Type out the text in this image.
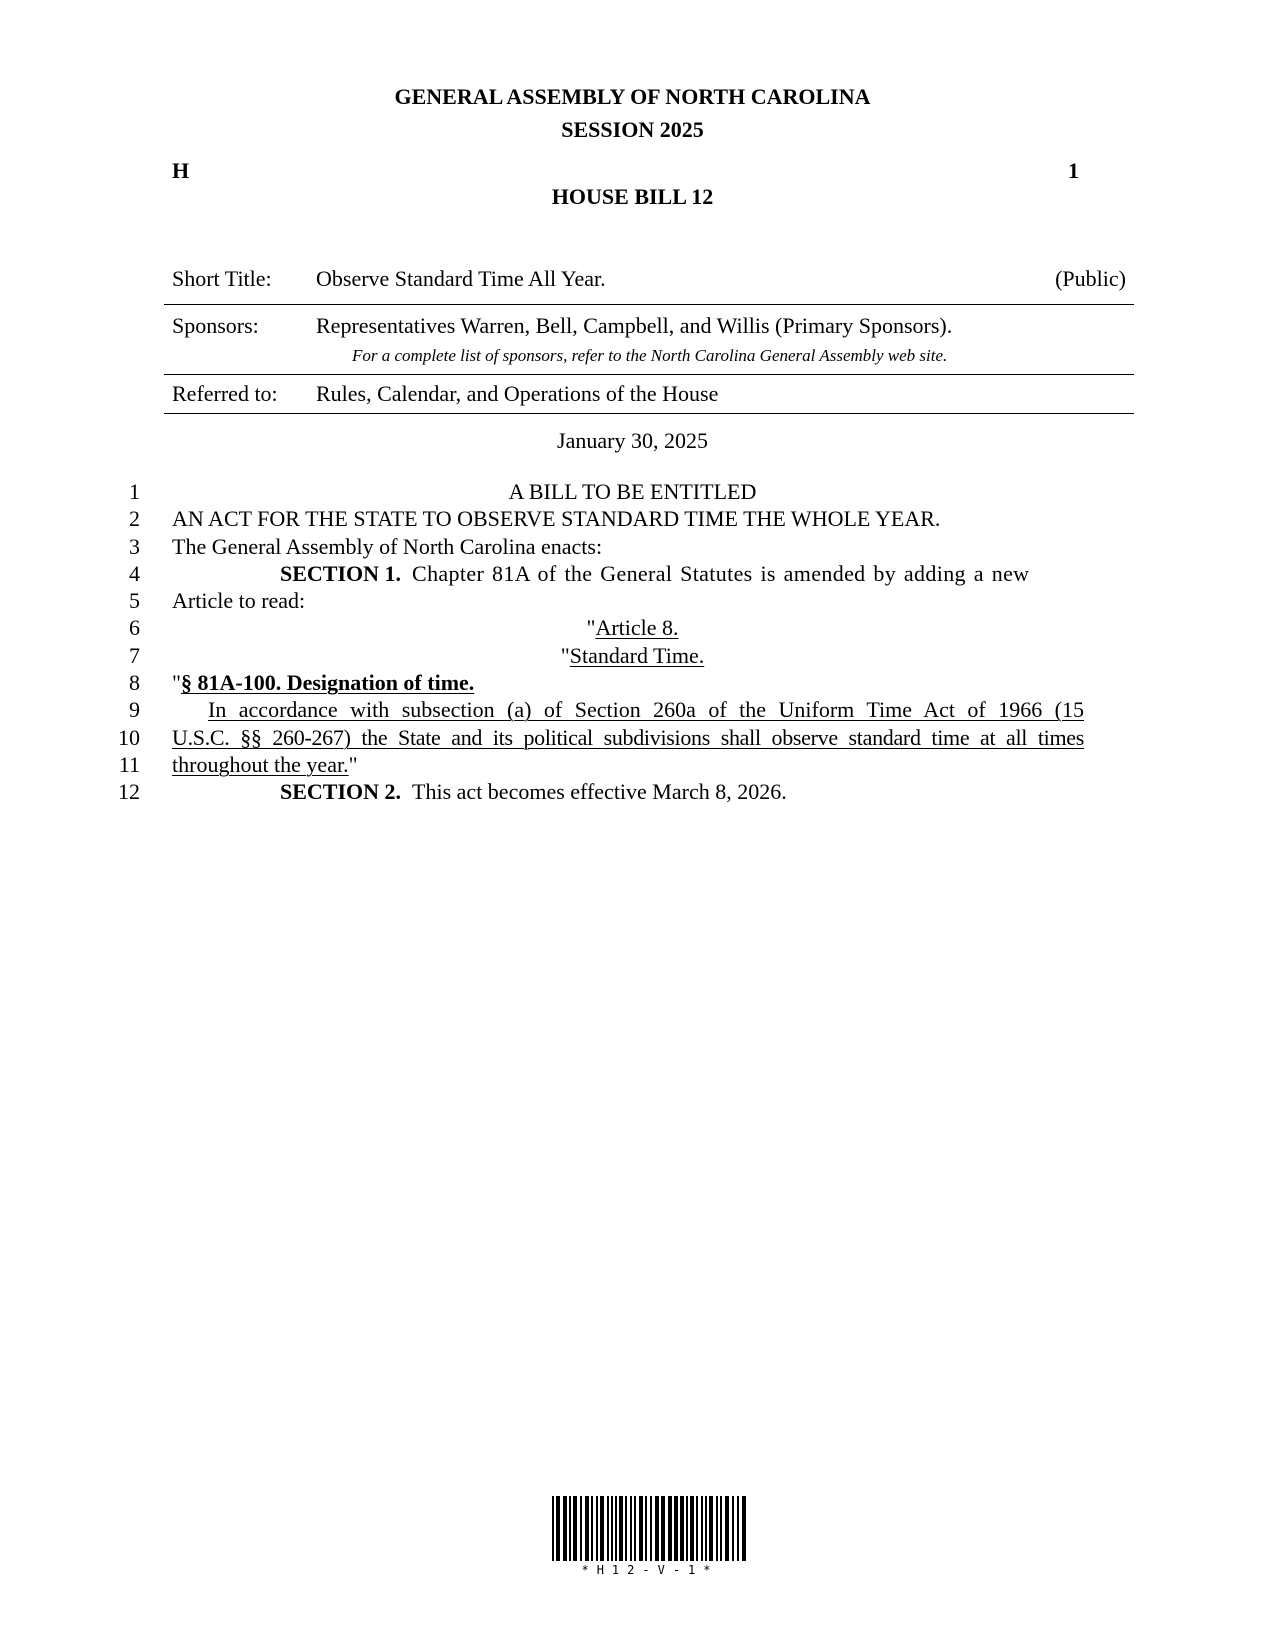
GENERAL ASSEMBLY OF NORTH CAROLINA
SESSION 2025
H	1
HOUSE BILL 12
Short Title: Observe Standard Time All Year.	(Public)
Sponsors:	Representatives Warren, Bell, Campbell, and Willis (Primary Sponsors).
For a complete list of sponsors, refer to the North Carolina General Assembly web site.
Referred to: Rules, Calendar, and Operations of the House
January 30, 2025
1
2
3
4
5
6
7
8
9
10
11
12
A BILL TO BE ENTITLED
AN ACT FOR THE STATE TO OBSERVE STANDARD TIME THE WHOLE YEAR.
The General Assembly of North Carolina enacts:
SECTION 1. Chapter 81A of the General Statutes is amended by adding a new
Article to read:
"Article 8.
"Standard Time.
"§ 81A-100. Designation of time.
In accordance with subsection (a) of Section 260a of the Uniform Time Act of 1966 (15
U.S.C. §§ 260-267) the State and its political subdivisions shall observe standard time at all times
throughout the year."
SECTION 2. This act becomes effective March 8, 2026.
*H12-V-1*
